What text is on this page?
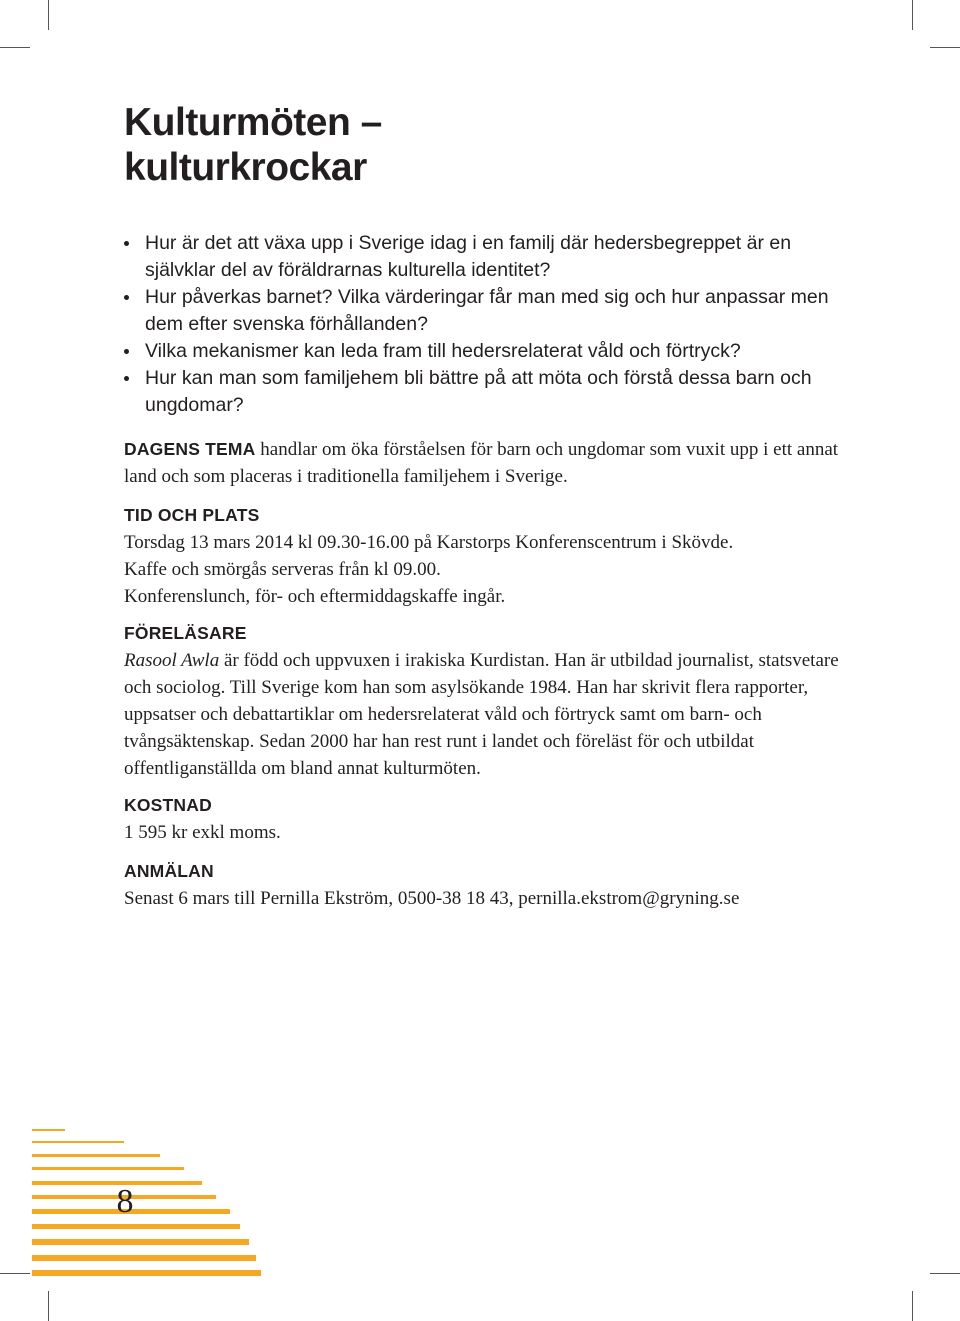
Kulturmöten –
kulturkrockar
Hur är det att växa upp i Sverige idag i en familj där hedersbegreppet är en självklar del av föräldrarnas kulturella identitet?
Hur påverkas barnet? Vilka värderingar får man med sig och hur anpassar men dem efter svenska förhållanden?
Vilka mekanismer kan leda fram till hedersrelaterat våld och förtryck?
Hur kan man som familjehem bli bättre på att möta och förstå dessa barn och ungdomar?

DAGENS TEMA handlar om öka förståelsen för barn och ungdomar som vuxit upp i ett annat land och som placeras i traditionella familjehem i Sverige.

TID OCH PLATS

Torsdag 13 mars 2014 kl 09.30-16.00 på Karstorps Konferenscentrum i Skövde.

Kaffe och smörgås serveras från kl 09.00.

Konferenslunch, för- och eftermiddagskaffe ingår.

FÖRELÄSARE

Rasool Awla är född och uppvuxen i irakiska Kurdistan. Han är utbildad journalist, statsvetare och sociolog. Till Sverige kom han som asylsökande 1984. Han har skrivit flera rapporter, uppsatser och debattartiklar om hedersrelaterat våld och förtryck samt om barn- och tvångsäktenskap. Sedan 2000 har han rest runt i landet och föreläst för och utbildat offentliganställda om bland annat kulturmöten.

KOSTNAD

1 595 kr exkl moms.

ANMÄLAN

Senast 6 mars till Pernilla Ekström, 0500-38 18 43, pernilla.ekstrom@gryning.se

8
